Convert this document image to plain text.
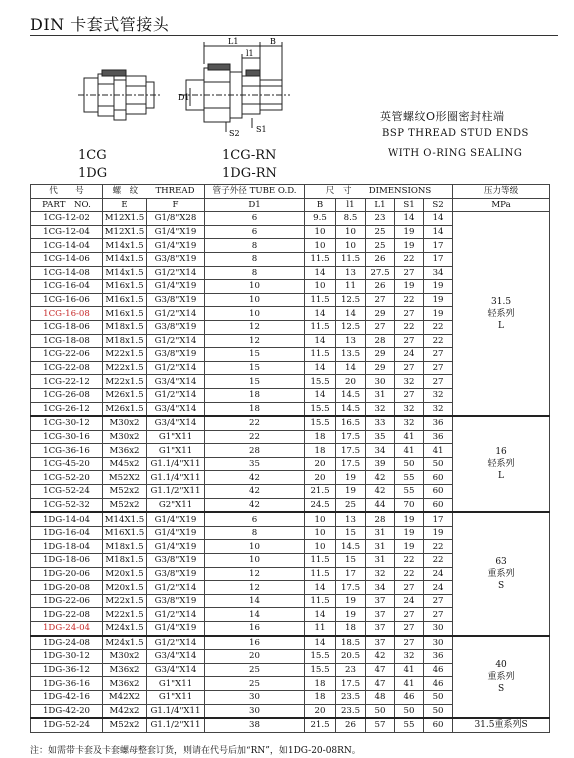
DIN 卡套式管接头
L1	B
l1
D1
S2 S1
1CG
1DG
1CG-RN
1DG-RN
英管螺纹O形圈密封柱端
BSP THREAD STUD ENDS
WITH O-RING SEALING
代　　号	螺　纹　　THREAD		管子外径 TUBE O.D.	尺　寸　　DIMENSIONS					压力等级
PART　NO.	E	F	D1	B	l1	L1	S1	S2	MPa
1CG-12-02	M12X1.5	G1/8"X28	6	9.5	8.5	23	14	14	31.5
轻系列
L

1CG-12-04	M12X1.5	G1/4"X19	6	10	10	25	19	14	
1CG-14-04	M14x1.5	G1/4"X19	8	10	10	25	19	17	
1CG-14-06	M14x1.5	G3/8"X19	8	11.5	11.5	26	22	17	
1CG-14-08	M14x1.5	G1/2"X14	8	14	13	27.5	27	34	
1CG-16-04	M16x1.5	G1/4"X19	10	10	11	26	19	19	
1CG-16-06	M16x1.5	G3/8"X19	10	11.5	12.5	27	22	19	
1CG-16-08	M16x1.5	G1/2"X14	10	14	14	29	27	19	
1CG-18-06	M18x1.5	G3/8"X19	12	11.5	12.5	27	22	22	
1CG-18-08	M18x1.5	G1/2"X14	12	14	13	28	27	22	
1CG-22-06	M22x1.5	G3/8"X19	15	11.5	13.5	29	24	27	
1CG-22-08	M22x1.5	G1/2"X14	15	14	14	29	27	27	
1CG-22-12	M22x1.5	G3/4"X14	15	15.5	20	30	32	27	
1CG-26-08	M26x1.5	G1/2"X14	18	14	14.5	31	27	32	
1CG-26-12	M26x1.5	G3/4"X14	18	15.5	14.5	32	32	32	
1CG-30-12	M30x2	G3/4"X14	22	15.5	16.5	33	32	36	16
轻系列
L

1CG-30-16	M30x2	G1"X11	22	18	17.5	35	41	36	
1CG-36-16	M36x2	G1"X11	28	18	17.5	34	41	41	
1CG-45-20	M45x2	G1.1/4"X11	35	20	17.5	39	50	50	
1CG-52-20	M52X2	G1.1/4"X11	42	20	19	42	55	60	
1CG-52-24	M52x2	G1.1/2"X11	42	21.5	19	42	55	60	
1CG-52-32	M52x2	G2"X11	42	24.5	25	44	70	60	
1DG-14-04	M14X1.5	G1/4"X19	6	10	13	28	19	17	63
重系列
S

1DG-16-04	M16X1.5	G1/4"X19	8	10	15	31	19	19	
1DG-18-04	M18x1.5	G1/4"X19	10	10	14.5	31	19	22	
1DG-18-06	M18x1.5	G3/8"X19	10	11.5	15	31	22	22	
1DG-20-06	M20x1.5	G3/8"X19	12	11.5	17	32	22	24	
1DG-20-08	M20x1.5	G1/2"X14	12	14	17.5	34	27	24	
1DG-22-06	M22x1.5	G3/8"X19	14	11.5	19	37	24	27	
1DG-22-08	M22x1.5	G1/2"X14	14	14	19	37	27	27	
1DG-24-04	M24x1.5	G1/4"X19	16	11	18	37	27	30	
1DG-24-08	M24x1.5	G1/2"X14	16	14	18.5	37	27	30	40
重系列
S

1DG-30-12	M30x2	G3/4"X14	20	15.5	20.5	42	32	36	
1DG-36-12	M36x2	G3/4"X14	25	15.5	23	47	41	46	
1DG-36-16	M36x2	G1"X11	25	18	17.5	47	41	46	
1DG-42-16	M42X2	G1"X11	30	18	23.5	48	46	50	
1DG-42-20	M42x2	G1.1/4"X11	30	20	23.5	50	50	50	
1DG-52-24	M52x2	G1.1/2"X11	38	21.5	26	57	55	60	31.5重系列S
注：如需带卡套及卡套螺母整套订货，则请在代号后加“RN”，如1DG-20-08RN。
